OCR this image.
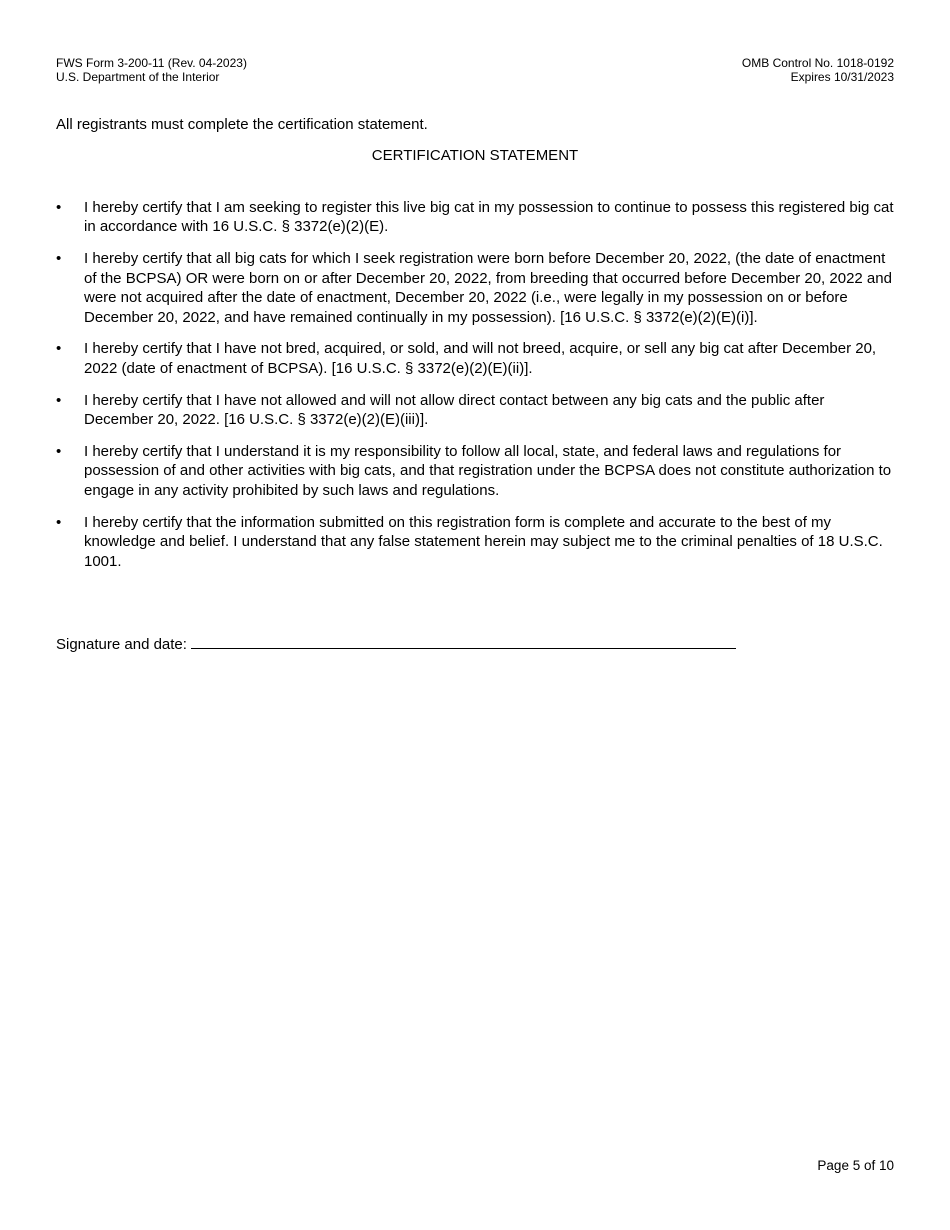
FWS Form 3-200-11 (Rev. 04-2023)
U.S. Department of the Interior
OMB Control No. 1018-0192
Expires 10/31/2023
All registrants must complete the certification statement.
CERTIFICATION STATEMENT
•	I hereby certify that I am seeking to register this live big cat in my possession to continue to possess this registered big cat in accordance with 16 U.S.C. § 3372(e)(2)(E).
•	I hereby certify that all big cats for which I seek registration were born before December 20, 2022, (the date of enactment of the BCPSA) OR were born on or after December 20, 2022, from breeding that occurred before December 20, 2022 and were not acquired after the date of enactment, December 20, 2022 (i.e., were legally in my possession on or before December 20, 2022, and have remained continually in my possession). [16 U.S.C. § 3372(e)(2)(E)(i)].
•	I hereby certify that I have not bred, acquired, or sold, and will not breed, acquire, or sell any big cat after December 20, 2022 (date of enactment of BCPSA). [16 U.S.C. § 3372(e)(2)(E)(ii)].
•	I hereby certify that I have not allowed and will not allow direct contact between any big cats and the public after December 20, 2022. [16 U.S.C. § 3372(e)(2)(E)(iii)].
•	I hereby certify that I understand it is my responsibility to follow all local, state, and federal laws and regulations for possession of and other activities with big cats, and that registration under the BCPSA does not constitute authorization to engage in any activity prohibited by such laws and regulations.
•	I hereby certify that the information submitted on this registration form is complete and accurate to the best of my knowledge and belief. I understand that any false statement herein may subject me to the criminal penalties of 18 U.S.C. 1001.
Signature and date:
Page 5 of 10
